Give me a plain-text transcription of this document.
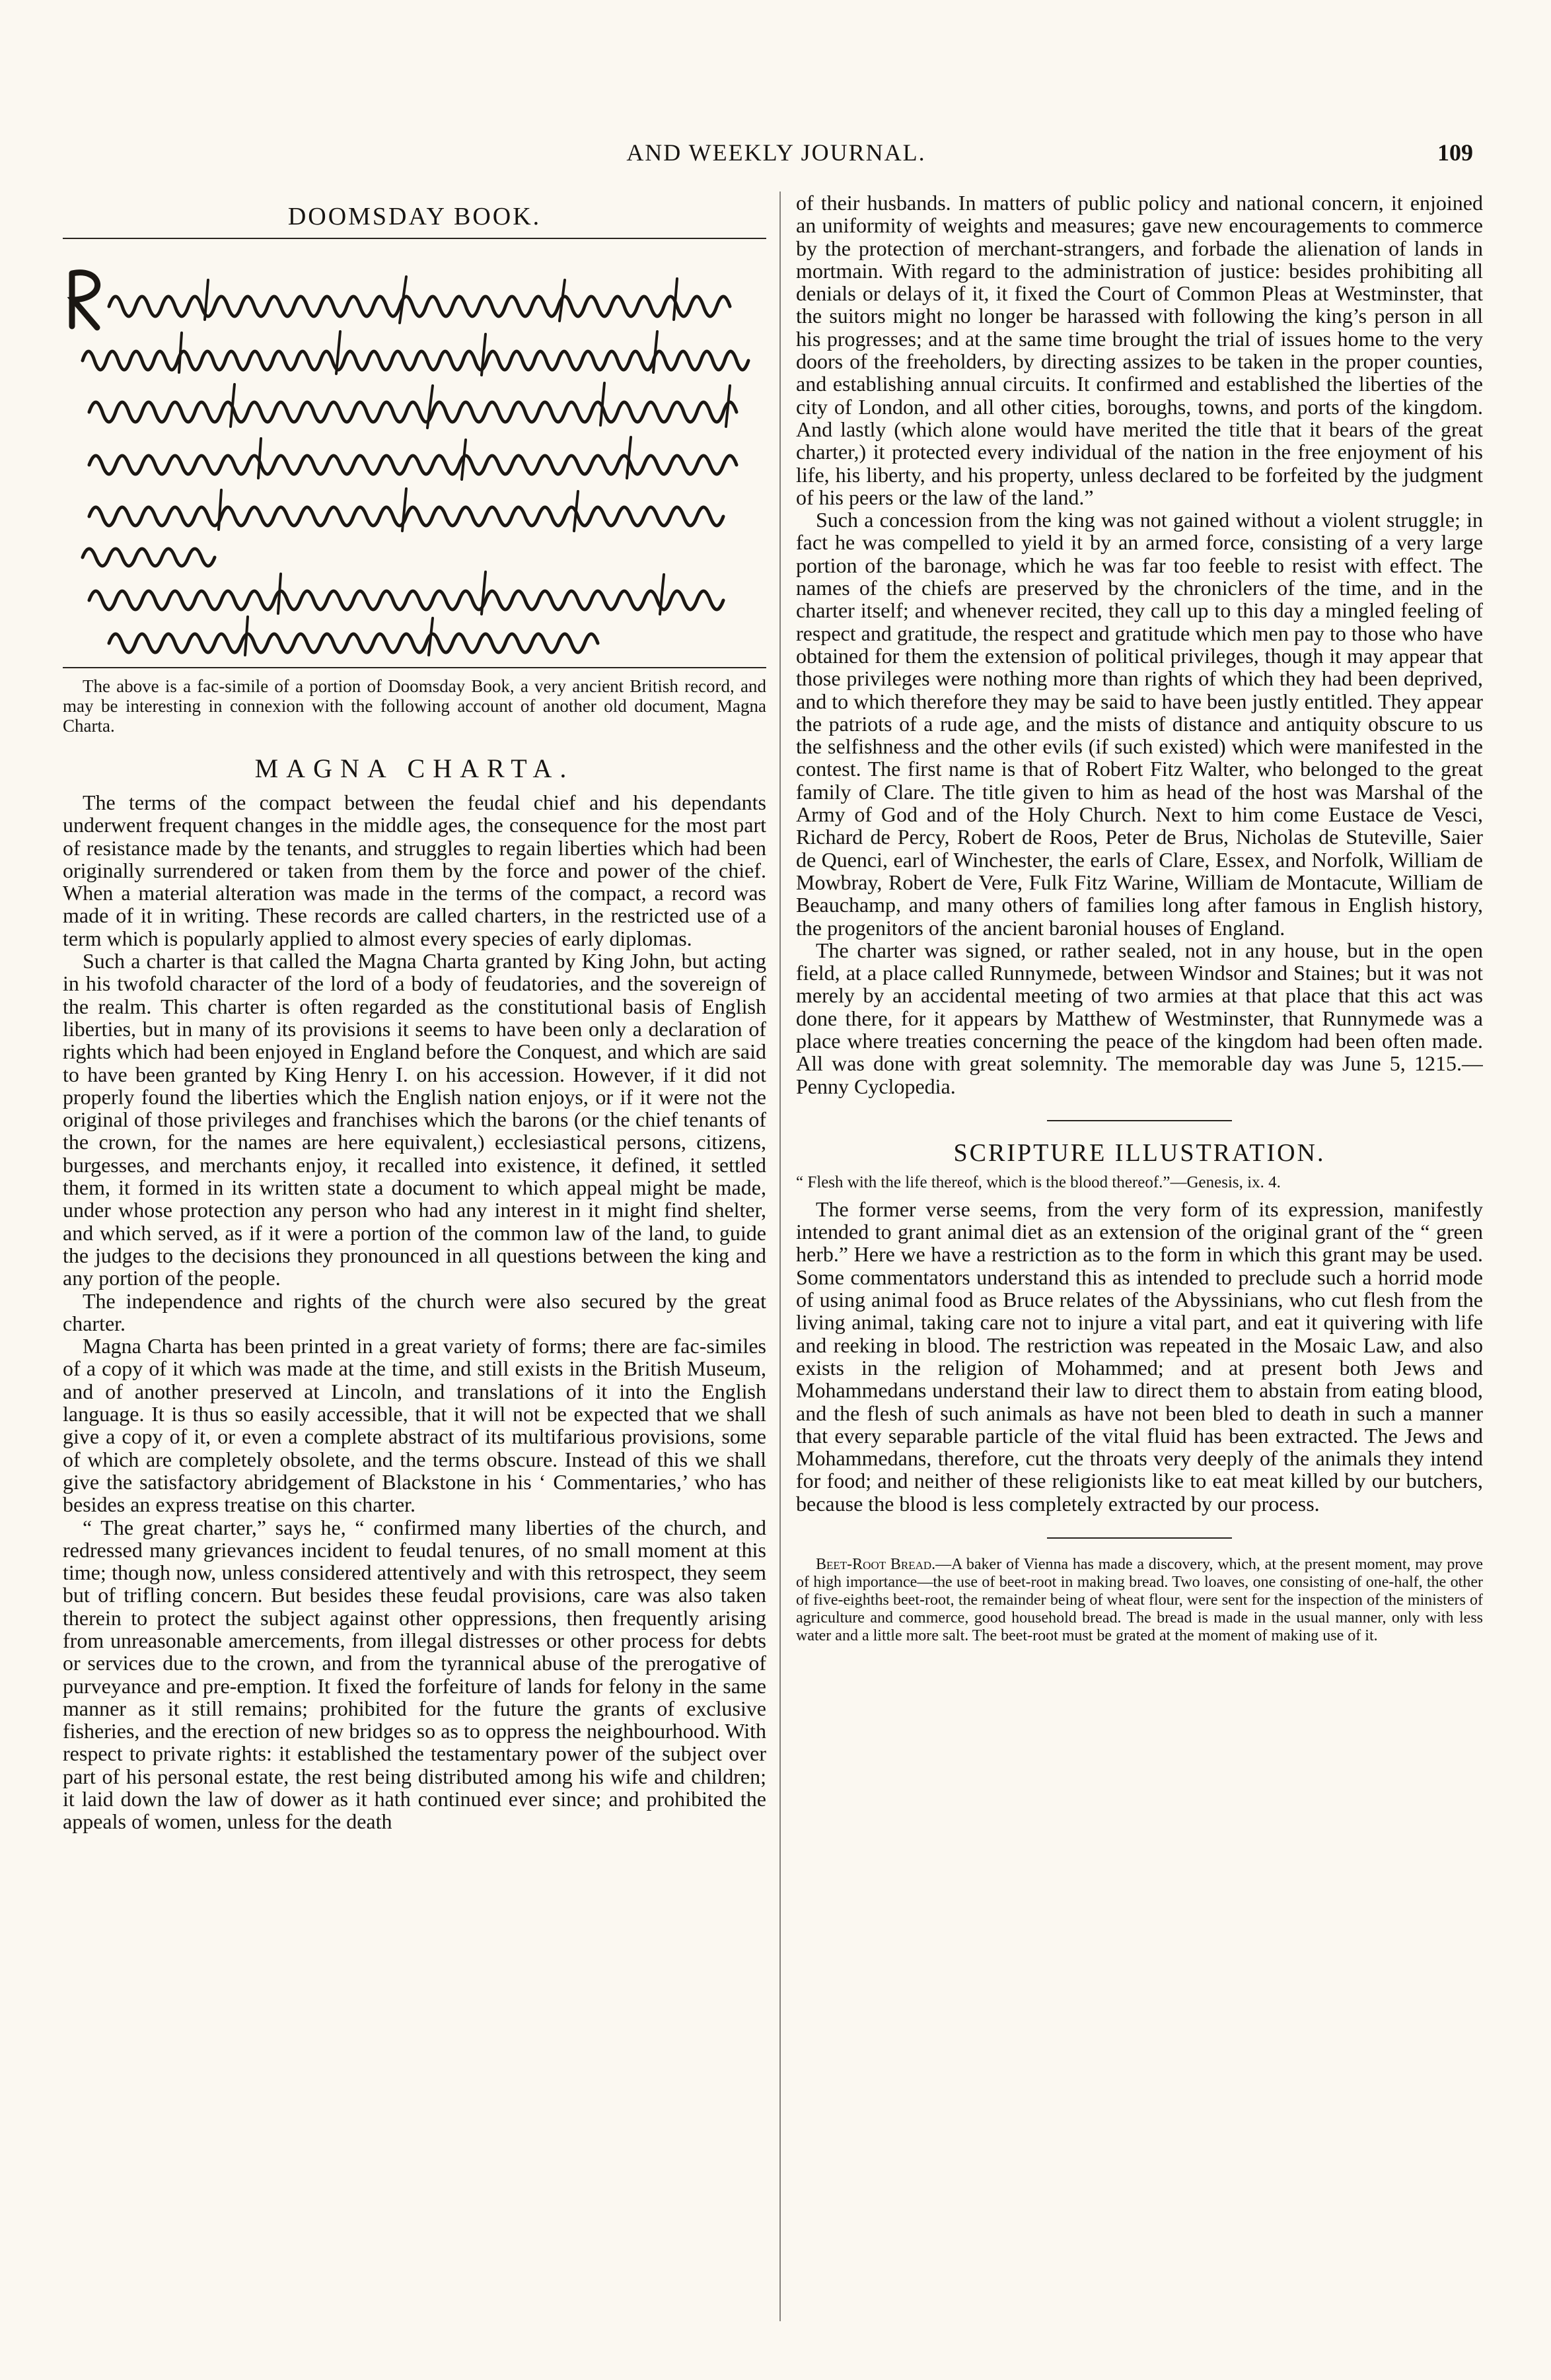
AND WEEKLY JOURNAL.	109
DOOMSDAY BOOK.

The above is a fac-simile of a portion of Doomsday Book, a very ancient British record, and may be interesting in connexion with the following account of another old document, Magna Charta.

MAGNA CHARTA.

The terms of the compact between the feudal chief and his dependants underwent frequent changes in the middle ages, the consequence for the most part of resistance made by the tenants, and struggles to regain liberties which had been originally surrendered or taken from them by the force and power of the chief. When a material alteration was made in the terms of the compact, a record was made of it in writing. These records are called charters, in the restricted use of a term which is popularly applied to almost every species of early diplomas.

Such a charter is that called the Magna Charta granted by King John, but acting in his twofold character of the lord of a body of feudatories, and the sovereign of the realm. This charter is often regarded as the constitutional basis of English liberties, but in many of its provisions it seems to have been only a declaration of rights which had been enjoyed in England before the Conquest, and which are said to have been granted by King Henry I. on his accession. However, if it did not properly found the liberties which the English nation enjoys, or if it were not the original of those privileges and franchises which the barons (or the chief tenants of the crown, for the names are here equivalent,) ecclesiastical persons, citizens, burgesses, and merchants enjoy, it recalled into existence, it defined, it settled them, it formed in its written state a document to which appeal might be made, under whose protection any person who had any interest in it might find shelter, and which served, as if it were a portion of the common law of the land, to guide the judges to the decisions they pronounced in all questions between the king and any portion of the people.

The independence and rights of the church were also secured by the great charter.

Magna Charta has been printed in a great variety of forms; there are fac-similes of a copy of it which was made at the time, and still exists in the British Museum, and of another preserved at Lincoln, and translations of it into the English language. It is thus so easily accessible, that it will not be expected that we shall give a copy of it, or even a complete abstract of its multifarious provisions, some of which are completely obsolete, and the terms obscure. Instead of this we shall give the satisfactory abridgement of Blackstone in his ‘ Commentaries,’ who has besides an express treatise on this charter.

“ The great charter,” says he, “ confirmed many liberties of the church, and redressed many grievances incident to feudal tenures, of no small moment at this time; though now, unless considered attentively and with this retrospect, they seem but of trifling concern. But besides these feudal provisions, care was also taken therein to protect the subject against other oppressions, then frequently arising from unreasonable amercements, from illegal distresses or other process for debts or services due to the crown, and from the tyrannical abuse of the prerogative of purveyance and pre-emption. It fixed the forfeiture of lands for felony in the same manner as it still remains; prohibited for the future the grants of exclusive fisheries, and the erection of new bridges so as to oppress the neighbourhood. With respect to private rights: it established the testamentary power of the subject over part of his personal estate, the rest being distributed among his wife and children; it laid down the law of dower as it hath continued ever since; and prohibited the appeals of women, unless for the death

of their husbands. In matters of public policy and national concern, it enjoined an uniformity of weights and measures; gave new encouragements to commerce by the protection of merchant-strangers, and forbade the alienation of lands in mortmain. With regard to the administration of justice: besides prohibiting all denials or delays of it, it fixed the Court of Common Pleas at Westminster, that the suitors might no longer be harassed with following the king’s person in all his progresses; and at the same time brought the trial of issues home to the very doors of the freeholders, by directing assizes to be taken in the proper counties, and establishing annual circuits. It confirmed and established the liberties of the city of London, and all other cities, boroughs, towns, and ports of the kingdom. And lastly (which alone would have merited the title that it bears of the great charter,) it protected every individual of the nation in the free enjoyment of his life, his liberty, and his property, unless declared to be forfeited by the judgment of his peers or the law of the land.”

Such a concession from the king was not gained without a violent struggle; in fact he was compelled to yield it by an armed force, consisting of a very large portion of the baronage, which he was far too feeble to resist with effect. The names of the chiefs are preserved by the chroniclers of the time, and in the charter itself; and whenever recited, they call up to this day a mingled feeling of respect and gratitude, the respect and gratitude which men pay to those who have obtained for them the extension of political privileges, though it may appear that those privileges were nothing more than rights of which they had been deprived, and to which therefore they may be said to have been justly entitled. They appear the patriots of a rude age, and the mists of distance and antiquity obscure to us the selfishness and the other evils (if such existed) which were manifested in the contest. The first name is that of Robert Fitz Walter, who belonged to the great family of Clare. The title given to him as head of the host was Marshal of the Army of God and of the Holy Church. Next to him come Eustace de Vesci, Richard de Percy, Robert de Roos, Peter de Brus, Nicholas de Stuteville, Saier de Quenci, earl of Winchester, the earls of Clare, Essex, and Norfolk, William de Mowbray, Robert de Vere, Fulk Fitz Warine, William de Montacute, William de Beauchamp, and many others of families long after famous in English history, the progenitors of the ancient baronial houses of England.

The charter was signed, or rather sealed, not in any house, but in the open field, at a place called Runnymede, between Windsor and Staines; but it was not merely by an accidental meeting of two armies at that place that this act was done there, for it appears by Matthew of Westminster, that Runnymede was a place where treaties concerning the peace of the kingdom had been often made. All was done with great solemnity. The memorable day was June 5, 1215.—Penny Cyclopedia.

SCRIPTURE ILLUSTRATION.

“ Flesh with the life thereof, which is the blood thereof.”—Genesis, ix. 4.

The former verse seems, from the very form of its expression, manifestly intended to grant animal diet as an extension of the original grant of the “ green herb.” Here we have a restriction as to the form in which this grant may be used. Some commentators understand this as intended to preclude such a horrid mode of using animal food as Bruce relates of the Abyssinians, who cut flesh from the living animal, taking care not to injure a vital part, and eat it quivering with life and reeking in blood. The restriction was repeated in the Mosaic Law, and also exists in the religion of Mohammed; and at present both Jews and Mohammedans understand their law to direct them to abstain from eating blood, and the flesh of such animals as have not been bled to death in such a manner that every separable particle of the vital fluid has been extracted. The Jews and Mohammedans, therefore, cut the throats very deeply of the animals they intend for food; and neither of these religionists like to eat meat killed by our butchers, because the blood is less completely extracted by our process.

Beet-Root Bread.—A baker of Vienna has made a discovery, which, at the present moment, may prove of high importance—the use of beet-root in making bread. Two loaves, one consisting of one-half, the other of five-eighths beet-root, the remainder being of wheat flour, were sent for the inspection of the ministers of agriculture and commerce, good household bread. The bread is made in the usual manner, only with less water and a little more salt. The beet-root must be grated at the moment of making use of it.
